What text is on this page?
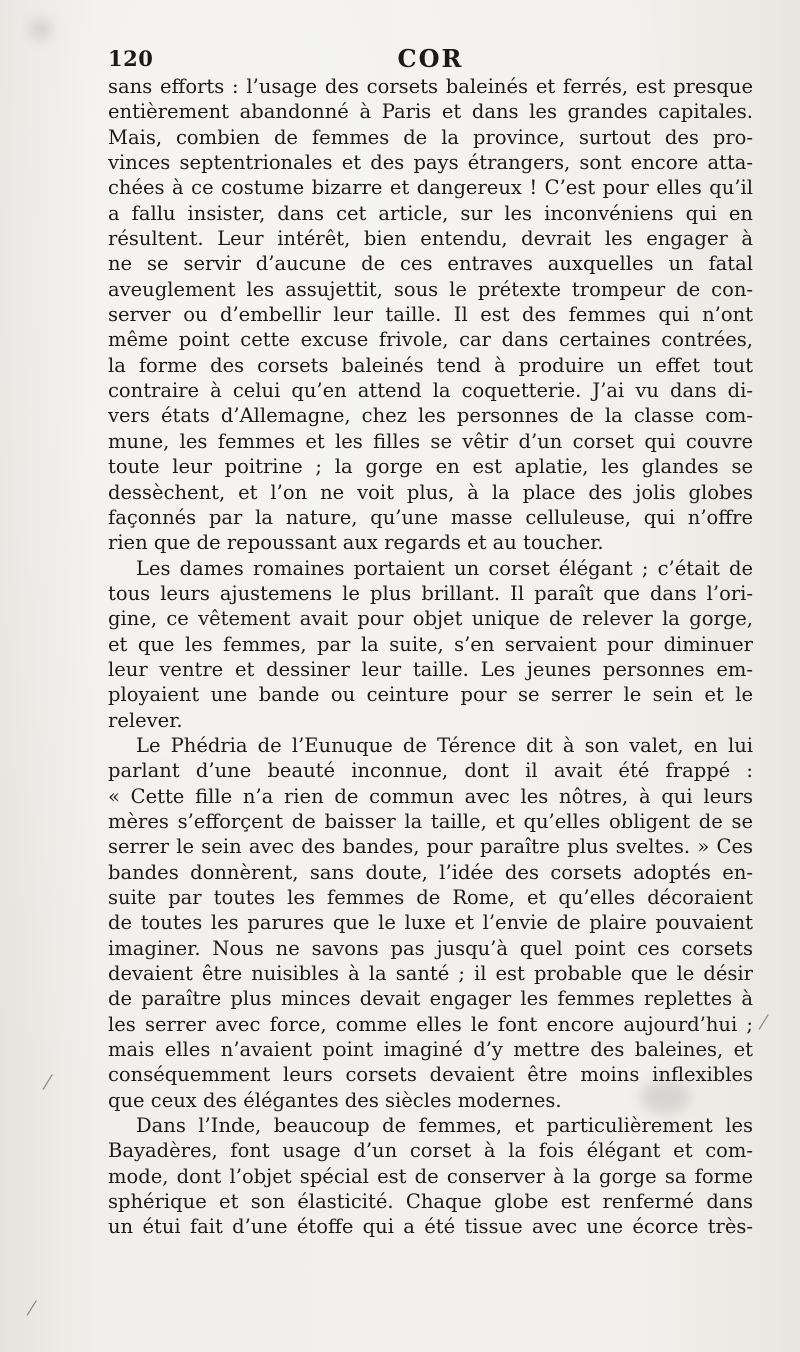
120	COR
sans efforts : l’usage des corsets baleinés et ferrés, est presque
entièrement abandonné à Paris et dans les grandes capitales.
Mais, combien de femmes de la province, surtout des pro-
vinces septentrionales et des pays étrangers, sont encore atta-
chées à ce costume bizarre et dangereux ! C’est pour elles qu’il
a fallu insister, dans cet article, sur les inconvéniens qui en
résultent. Leur intérêt, bien entendu, devrait les engager à
ne se servir d’aucune de ces entraves auxquelles un fatal
aveuglement les assujettit, sous le prétexte trompeur de con-
server ou d’embellir leur taille. Il est des femmes qui n’ont
même point cette excuse frivole, car dans certaines contrées,
la forme des corsets baleinés tend à produire un effet tout
contraire à celui qu’en attend la coquetterie. J’ai vu dans di-
vers états d’Allemagne, chez les personnes de la classe com-
mune, les femmes et les filles se vêtir d’un corset qui couvre
toute leur poitrine ; la gorge en est aplatie, les glandes se
dessèchent, et l’on ne voit plus, à la place des jolis globes
façonnés par la nature, qu’une masse celluleuse, qui n’offre
rien que de repoussant aux regards et au toucher.
Les dames romaines portaient un corset élégant ; c’était de
tous leurs ajustemens le plus brillant. Il paraît que dans l’ori-
gine, ce vêtement avait pour objet unique de relever la gorge,
et que les femmes, par la suite, s’en servaient pour diminuer
leur ventre et dessiner leur taille. Les jeunes personnes em-
ployaient une bande ou ceinture pour se serrer le sein et le
relever.
Le Phédria de l’Eunuque de Térence dit à son valet, en lui
parlant d’une beauté inconnue, dont il avait été frappé :
« Cette fille n’a rien de commun avec les nôtres, à qui leurs
mères s’efforçent de baisser la taille, et qu’elles obligent de se
serrer le sein avec des bandes, pour paraître plus sveltes. » Ces
bandes donnèrent, sans doute, l’idée des corsets adoptés en-
suite par toutes les femmes de Rome, et qu’elles décoraient
de toutes les parures que le luxe et l’envie de plaire pouvaient
imaginer. Nous ne savons pas jusqu’à quel point ces corsets
devaient être nuisibles à la santé ; il est probable que le désir
de paraître plus minces devait engager les femmes replettes à
les serrer avec force, comme elles le font encore aujourd’hui ;
mais elles n’avaient point imaginé d’y mettre des baleines, et
conséquemment leurs corsets devaient être moins inflexibles
que ceux des élégantes des siècles modernes.
Dans l’Inde, beaucoup de femmes, et particulièrement les
Bayadères, font usage d’un corset à la fois élégant et com-
mode, dont l’objet spécial est de conserver à la gorge sa forme
sphérique et son élasticité. Chaque globe est renfermé dans
un étui fait d’une étoffe qui a été tissue avec une écorce très-
⁄
⁄
⁄
